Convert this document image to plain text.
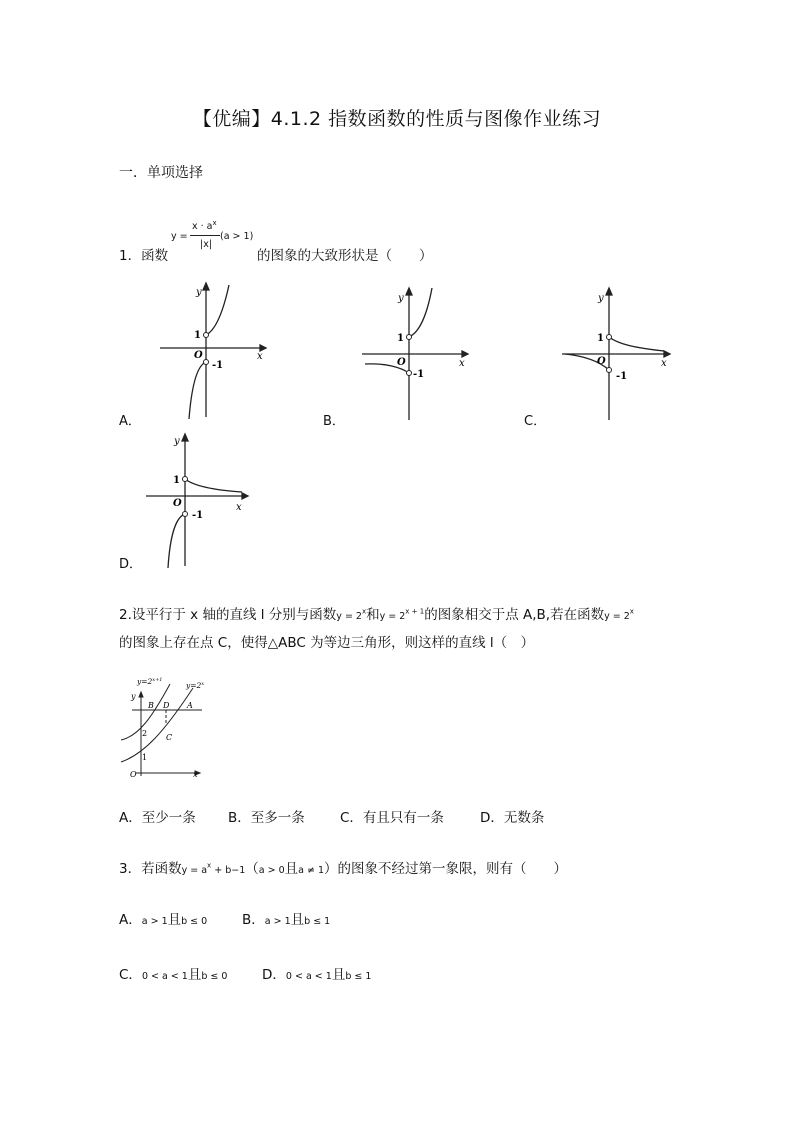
【优编】4.1.2 指数函数的性质与图像作业练习
一．单项选择
1．函数
y =
$x \cdot a^x$
|x|
(a > 1)
的图象的大致形状是（　　）
y
x
O
1
-1
A．
y
x
O
1
-1
B．
y
x
O
1
-1
C．
y
x
O
1
-1
D．
2.设平行于 x 轴的直线 l 分别与函数$y = 2^x$和$y = 2^{x + 1}$的图象相交于点 A,B,若在函数$y = 2^x$
的图象上存在点 C，使得△ABC 为等边三角形，则这样的直线 l（　）
$y=2^{x+1}$
$y=2^x$
y
x
O
B D A
C
2
1
A．至少一条 B．至多一条	C．有且只有一条	D．无数条
3．若函数$y = a^x + b-1(a > 0$且a ≠ 1）的图象不经过第一象限，则有（　　）
A．a > 1且b ≤ 0	B．a > 1且b ≤ 1
C．0 < a < 1且b ≤ 0	D．0 < a < 1且b ≤ 1
